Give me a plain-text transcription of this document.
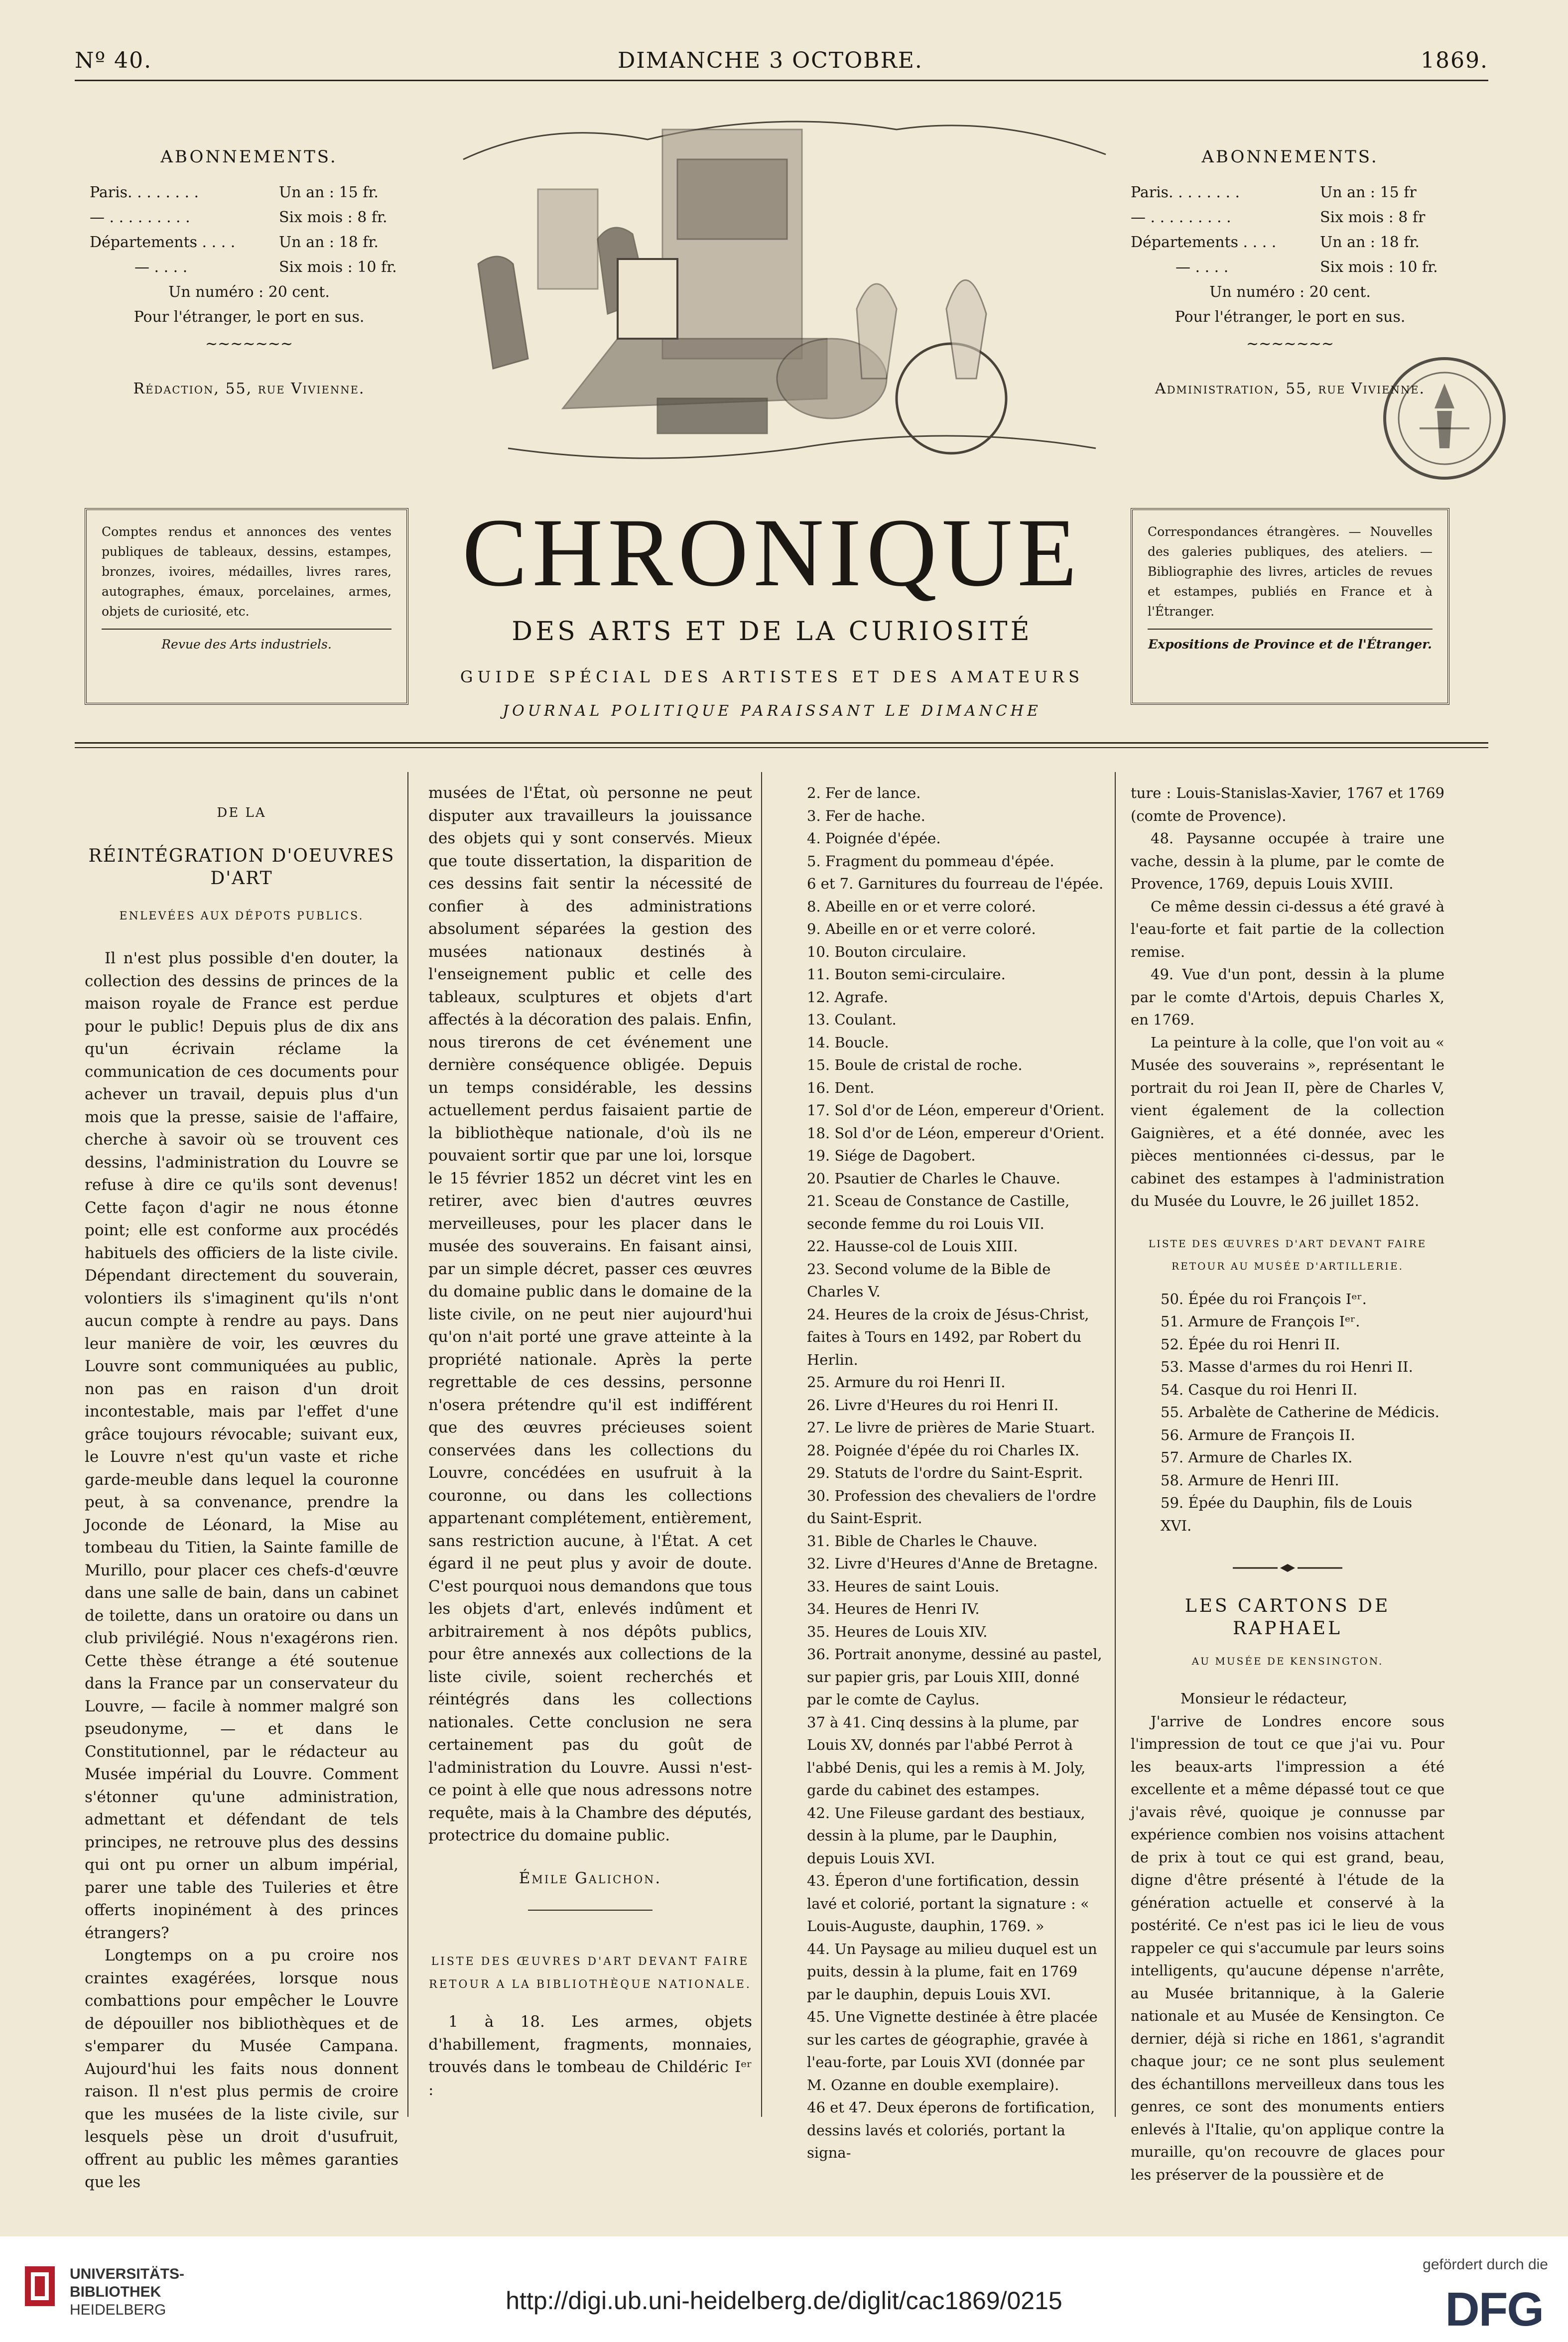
Nº 40.	DIMANCHE 3 OCTOBRE.	1869.
ABONNEMENTS.
Paris. . . . . . . .	Un an : 15 fr.
— . . . . . . . . .	Six mois : 8 fr.
Départements . . . .	Un an : 18 fr.
— . . . .	Six mois : 10 fr.
Un numéro : 20 cent.
Pour l'étranger, le port en sus.
∼∼∼∼∼∼∼
Rédaction, 55, rue Vivienne.
ABONNEMENTS.
Paris. . . . . . . .	Un an : 15 fr
— . . . . . . . . .	Six mois : 8 fr
Départements . . . .	Un an : 18 fr.
— . . . .	Six mois : 10 fr.
Un numéro : 20 cent.
Pour l'étranger, le port en sus.
∼∼∼∼∼∼∼
Administration, 55, rue Vivienne.
Comptes rendus et annonces des ventes publiques de tableaux, dessins, estampes, bronzes, ivoires, médailles, livres rares, autographes, émaux, porcelaines, armes, objets de curiosité, etc.
Revue des Arts industriels.
Correspondances étrangères. — Nouvelles des galeries publiques, des ateliers. — Bibliographie des livres, articles de revues et estampes, publiés en France et à l'Étranger.
Expositions de Province et de l'Étranger.
CHRONIQUE
DES ARTS ET DE LA CURIOSITÉ
GUIDE SPÉCIAL DES ARTISTES ET DES AMATEURS
JOURNAL POLITIQUE PARAISSANT LE DIMANCHE

DE LA

RÉINTÉGRATION D'OEUVRES D'ART

ENLEVÉES AUX DÉPOTS PUBLICS.

Il n'est plus possible d'en douter, la collection des dessins de princes de la maison royale de France est perdue pour le public! Depuis plus de dix ans qu'un écrivain réclame la communication de ces documents pour achever un travail, depuis plus d'un mois que la presse, saisie de l'affaire, cherche à savoir où se trouvent ces dessins, l'administration du Louvre se refuse à dire ce qu'ils sont devenus! Cette façon d'agir ne nous étonne point; elle est conforme aux procédés habituels des officiers de la liste civile. Dépendant directement du souverain, volontiers ils s'imaginent qu'ils n'ont aucun compte à rendre au pays. Dans leur manière de voir, les œuvres du Louvre sont communiquées au public, non pas en raison d'un droit incontestable, mais par l'effet d'une grâce toujours révocable; suivant eux, le Louvre n'est qu'un vaste et riche garde-meuble dans lequel la couronne peut, à sa convenance, prendre la Joconde de Léonard, la Mise au tombeau du Titien, la Sainte famille de Murillo, pour placer ces chefs-d'œuvre dans une salle de bain, dans un cabinet de toilette, dans un oratoire ou dans un club privilégié. Nous n'exagérons rien. Cette thèse étrange a été soutenue dans la France par un conservateur du Louvre, — facile à nommer malgré son pseudonyme, — et dans le Constitutionnel, par le rédacteur au Musée impérial du Louvre. Comment s'étonner qu'une administration, admettant et défendant de tels principes, ne retrouve plus des dessins qui ont pu orner un album impérial, parer une table des Tuileries et être offerts inopinément à des princes étrangers?

Longtemps on a pu croire nos craintes exagérées, lorsque nous combattions pour empêcher le Louvre de dépouiller nos bibliothèques et de s'emparer du Musée Campana. Aujourd'hui les faits nous donnent raison. Il n'est plus permis de croire que les musées de la liste civile, sur lesquels pèse un droit d'usufruit, offrent au public les mêmes garanties que les

musées de l'État, où personne ne peut disputer aux travailleurs la jouissance des objets qui y sont conservés. Mieux que toute dissertation, la disparition de ces dessins fait sentir la nécessité de confier à des administrations absolument séparées la gestion des musées nationaux destinés à l'enseignement public et celle des tableaux, sculptures et objets d'art affectés à la décoration des palais. Enfin, nous tirerons de cet événement une dernière conséquence obligée. Depuis un temps considérable, les dessins actuellement perdus faisaient partie de la bibliothèque nationale, d'où ils ne pouvaient sortir que par une loi, lorsque le 15 février 1852 un décret vint les en retirer, avec bien d'autres œuvres merveilleuses, pour les placer dans le musée des souverains. En faisant ainsi, par un simple décret, passer ces œuvres du domaine public dans le domaine de la liste civile, on ne peut nier aujourd'hui qu'on n'ait porté une grave atteinte à la propriété nationale. Après la perte regrettable de ces dessins, personne n'osera prétendre qu'il est indifférent que des œuvres précieuses soient conservées dans les collections du Louvre, concédées en usufruit à la couronne, ou dans les collections appartenant complétement, entièrement, sans restriction aucune, à l'État. A cet égard il ne peut plus y avoir de doute. C'est pourquoi nous demandons que tous les objets d'art, enlevés indûment et arbitrairement à nos dépôts publics, pour être annexés aux collections de la liste civile, soient recherchés et réintégrés dans les collections nationales. Cette conclusion ne sera certainement pas du goût de l'administration du Louvre. Aussi n'est-ce point à elle que nous adressons notre requête, mais à la Chambre des députés, protectrice du domaine public.

Émile Galichon.

LISTE DES ŒUVRES D'ART DEVANT FAIRE

RETOUR A LA BIBLIOTHÈQUE NATIONALE.

1 à 18. Les armes, objets d'habillement, fragments, monnaies, trouvés dans le tombeau de Childéric Iᵉʳ :

2. Fer de lance.

3. Fer de hache.

4. Poignée d'épée.

5. Fragment du pommeau d'épée.

6 et 7. Garnitures du fourreau de l'épée.

8. Abeille en or et verre coloré.

9. Abeille en or et verre coloré.

10. Bouton circulaire.

11. Bouton semi-circulaire.

12. Agrafe.

13. Coulant.

14. Boucle.

15. Boule de cristal de roche.

16. Dent.

17. Sol d'or de Léon, empereur d'Orient.

18. Sol d'or de Léon, empereur d'Orient.

19. Siége de Dagobert.

20. Psautier de Charles le Chauve.

21. Sceau de Constance de Castille, seconde femme du roi Louis VII.

22. Hausse-col de Louis XIII.

23. Second volume de la Bible de Charles V.

24. Heures de la croix de Jésus-Christ, faites à Tours en 1492, par Robert du Herlin.

25. Armure du roi Henri II.

26. Livre d'Heures du roi Henri II.

27. Le livre de prières de Marie Stuart.

28. Poignée d'épée du roi Charles IX.

29. Statuts de l'ordre du Saint-Esprit.

30. Profession des chevaliers de l'ordre du Saint-Esprit.

31. Bible de Charles le Chauve.

32. Livre d'Heures d'Anne de Bretagne.

33. Heures de saint Louis.

34. Heures de Henri IV.

35. Heures de Louis XIV.

36. Portrait anonyme, dessiné au pastel, sur papier gris, par Louis XIII, donné par le comte de Caylus.

37 à 41. Cinq dessins à la plume, par Louis XV, donnés par l'abbé Perrot à l'abbé Denis, qui les a remis à M. Joly, garde du cabinet des estampes.

42. Une Fileuse gardant des bestiaux, dessin à la plume, par le Dauphin, depuis Louis XVI.

43. Éperon d'une fortification, dessin lavé et colorié, portant la signature : « Louis-Auguste, dauphin, 1769. »

44. Un Paysage au milieu duquel est un puits, dessin à la plume, fait en 1769 par le dauphin, depuis Louis XVI.

45. Une Vignette destinée à être placée sur les cartes de géographie, gravée à l'eau-forte, par Louis XVI (donnée par M. Ozanne en double exemplaire).

46 et 47. Deux éperons de fortification, dessins lavés et coloriés, portant la signa-

ture : Louis-Stanislas-Xavier, 1767 et 1769 (comte de Provence).

48. Paysanne occupée à traire une vache, dessin à la plume, par le comte de Provence, 1769, depuis Louis XVIII.

Ce même dessin ci-dessus a été gravé à l'eau-forte et fait partie de la collection remise.

49. Vue d'un pont, dessin à la plume par le comte d'Artois, depuis Charles X, en 1769.

La peinture à la colle, que l'on voit au « Musée des souverains », représentant le portrait du roi Jean II, père de Charles V, vient également de la collection Gaignières, et a été donnée, avec les pièces mentionnées ci-dessus, par le cabinet des estampes à l'administration du Musée du Louvre, le 26 juillet 1852.

LISTE DES ŒUVRES D'ART DEVANT FAIRE

RETOUR AU MUSÉE D'ARTILLERIE.

50. Épée du roi François Iᵉʳ.

51. Armure de François Iᵉʳ.

52. Épée du roi Henri II.

53. Masse d'armes du roi Henri II.

54. Casque du roi Henri II.

55. Arbalète de Catherine de Médicis.

56. Armure de François II.

57. Armure de Charles IX.

58. Armure de Henri III.

59. Épée du Dauphin, fils de Louis XVI.

LES CARTONS DE RAPHAEL

AU MUSÉE DE KENSINGTON.

Monsieur le rédacteur,

J'arrive de Londres encore sous l'impression de tout ce que j'ai vu. Pour les beaux-arts l'impression a été excellente et a même dépassé tout ce que j'avais rêvé, quoique je connusse par expérience combien nos voisins attachent de prix à tout ce qui est grand, beau, digne d'être présenté à l'étude de la génération actuelle et conservé à la postérité. Ce n'est pas ici le lieu de vous rappeler ce qui s'accumule par leurs soins intelligents, qu'aucune dépense n'arrête, au Musée britannique, à la Galerie nationale et au Musée de Kensington. Ce dernier, déjà si riche en 1861, s'agrandit chaque jour; ce ne sont plus seulement des échantillons merveilleux dans tous les genres, ce sont des monuments entiers enlevés à l'Italie, qu'on applique contre la muraille, qu'on recouvre de glaces pour les préserver de la poussière et de

UNIVERSITÄTS-
BIBLIOTHEK
HEIDELBERG	http://digi.ub.uni-heidelberg.de/diglit/cac1869/0215
gefördert durch die
DFG
